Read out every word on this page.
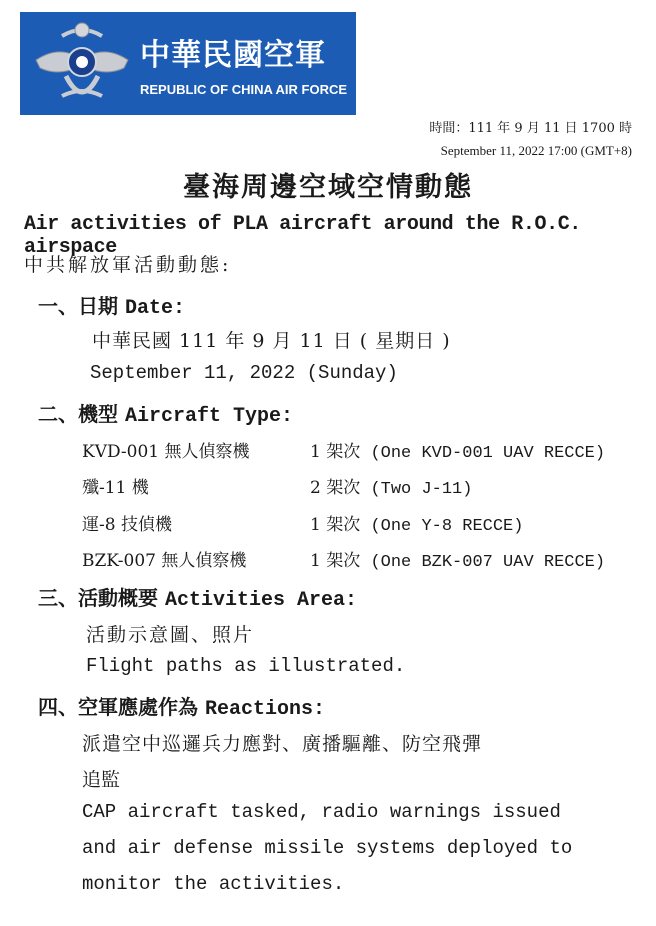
中華民國空軍
REPUBLIC OF CHINA AIR FORCE
時間：111 年 9 月 11 日 1700 時
September 11, 2022 17:00 (GMT+8)
臺海周邊空域空情動態
Air activities of PLA aircraft around the R.O.C. airspace
中共解放軍活動動態:
一、日期 Date:
中華民國 111 年 9 月 11 日 ( 星期日 )
September 11, 2022 (Sunday)
二、機型 Aircraft Type:
KVD-001 無人偵察機	1 架次 (One KVD-001 UAV RECCE)
殲-11 機	2 架次 (Two J-11)
運-8 技偵機	1 架次 (One Y-8 RECCE)
BZK-007 無人偵察機	1 架次 (One BZK-007 UAV RECCE)
三、活動概要 Activities Area:
活動示意圖、照片
Flight paths as illustrated.
四、空軍應處作為 Reactions:
派遣空中巡邏兵力應對、廣播驅離、防空飛彈
追監
CAP aircraft tasked, radio warnings issued
and air defense missile systems deployed to
monitor the activities.
